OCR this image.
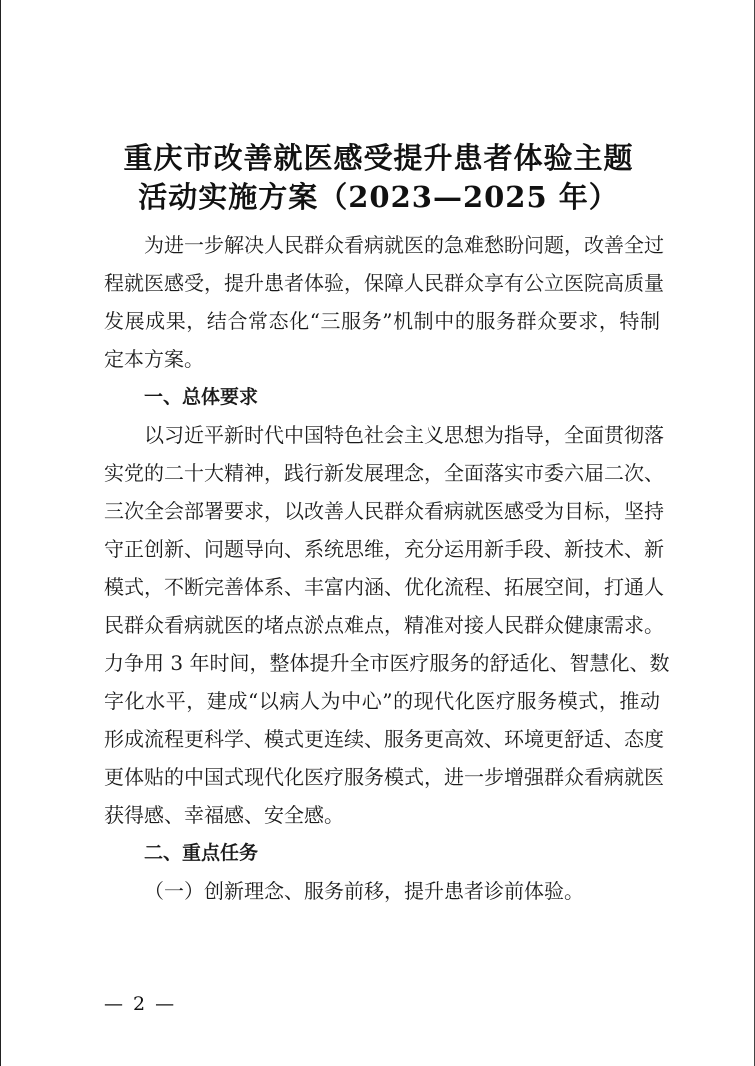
重庆市改善就医感受提升患者体验主题
活动实施方案（2023—2025 年）
为进一步解决人民群众看病就医的急难愁盼问题，改善全过
程就医感受，提升患者体验，保障人民群众享有公立医院高质量
发展成果，结合常态化“三服务”机制中的服务群众要求，特制
定本方案。
一、总体要求
以习近平新时代中国特色社会主义思想为指导，全面贯彻落
实党的二十大精神，践行新发展理念，全面落实市委六届二次、
三次全会部署要求，以改善人民群众看病就医感受为目标，坚持
守正创新、问题导向、系统思维，充分运用新手段、新技术、新
模式，不断完善体系、丰富内涵、优化流程、拓展空间，打通人
民群众看病就医的堵点淤点难点，精准对接人民群众健康需求。
力争用 3 年时间，整体提升全市医疗服务的舒适化、智慧化、数
字化水平，建成“以病人为中心”的现代化医疗服务模式，推动
形成流程更科学、模式更连续、服务更高效、环境更舒适、态度
更体贴的中国式现代化医疗服务模式，进一步增强群众看病就医
获得感、幸福感、安全感。
二、重点任务
（一）创新理念、服务前移，提升患者诊前体验。
— 2 —
